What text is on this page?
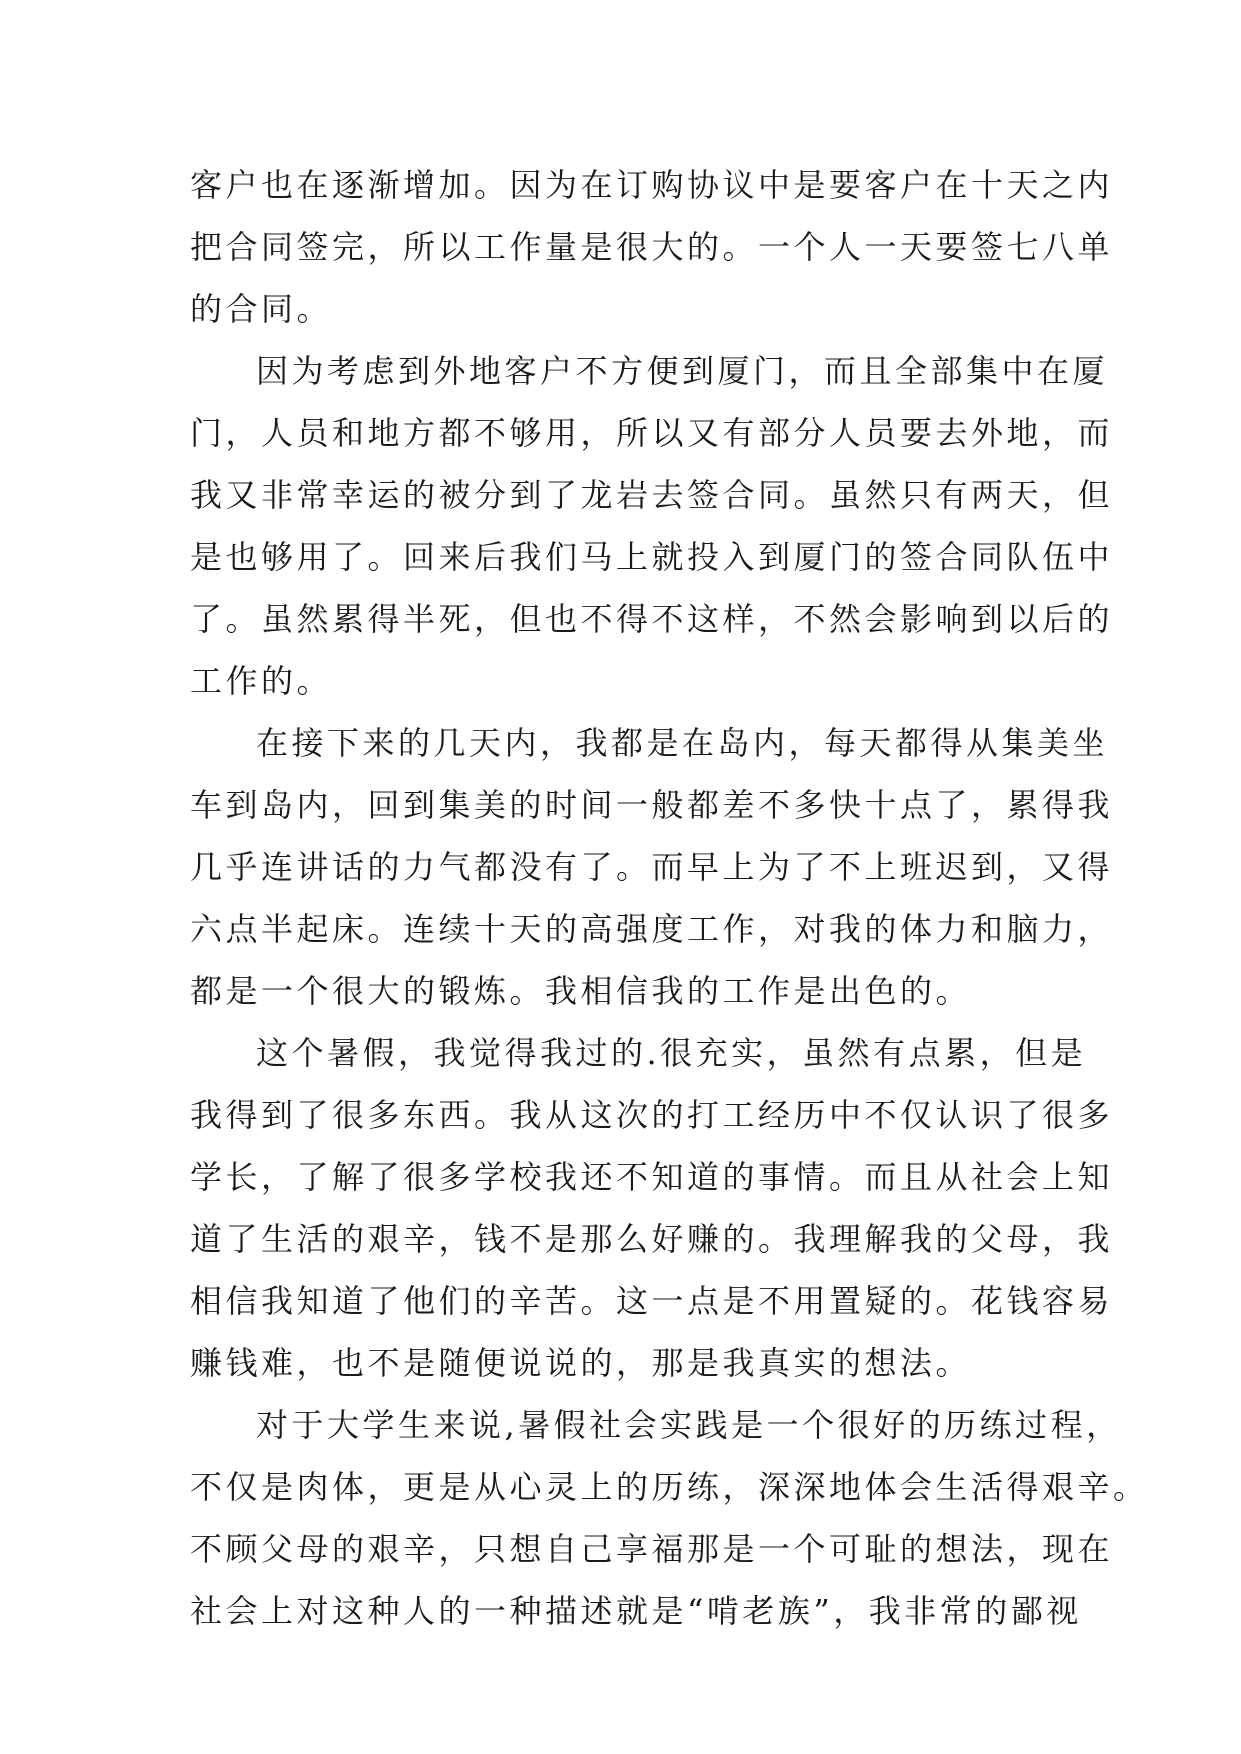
客户也在逐渐增加。因为在订购协议中是要客户在十天之内
把合同签完，所以工作量是很大的。一个人一天要签七八单
的合同。
因为考虑到外地客户不方便到厦门，而且全部集中在厦
门，人员和地方都不够用，所以又有部分人员要去外地，而
我又非常幸运的被分到了龙岩去签合同。虽然只有两天，但
是也够用了。回来后我们马上就投入到厦门的签合同队伍中
了。虽然累得半死，但也不得不这样，不然会影响到以后的
工作的。
在接下来的几天内，我都是在岛内，每天都得从集美坐
车到岛内，回到集美的时间一般都差不多快十点了，累得我
几乎连讲话的力气都没有了。而早上为了不上班迟到，又得
六点半起床。连续十天的高强度工作，对我的体力和脑力，
都是一个很大的锻炼。我相信我的工作是出色的。
这个暑假，我觉得我过的.很充实，虽然有点累，但是
我得到了很多东西。我从这次的打工经历中不仅认识了很多
学长，了解了很多学校我还不知道的事情。而且从社会上知
道了生活的艰辛，钱不是那么好赚的。我理解我的父母，我
相信我知道了他们的辛苦。这一点是不用置疑的。花钱容易
赚钱难，也不是随便说说的，那是我真实的想法。
对于大学生来说,暑假社会实践是一个很好的历练过程，
不仅是肉体，更是从心灵上的历练，深深地体会生活得艰辛。
不顾父母的艰辛，只想自己享福那是一个可耻的想法，现在
社会上对这种人的一种描述就是“啃老族”，我非常的鄙视
